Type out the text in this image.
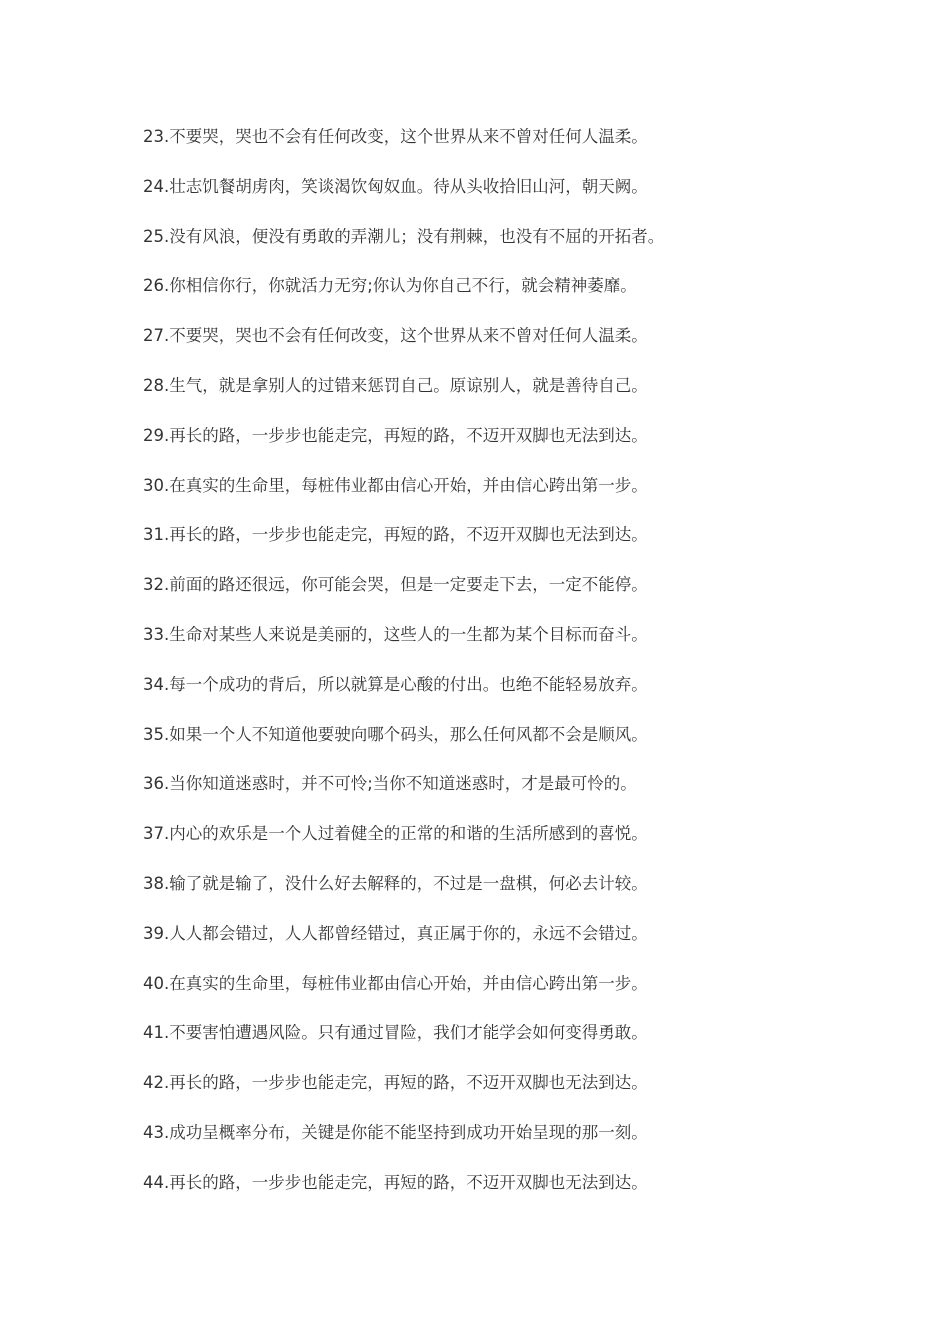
23.不要哭，哭也不会有任何改变，这个世界从来不曾对任何人温柔。
24.壮志饥餐胡虏肉，笑谈渴饮匈奴血。待从头收拾旧山河，朝天阙。
25.没有风浪，便没有勇敢的弄潮儿；没有荆棘，也没有不屈的开拓者。
26.你相信你行，你就活力无穷;你认为你自己不行，就会精神萎靡。
27.不要哭，哭也不会有任何改变，这个世界从来不曾对任何人温柔。
28.生气，就是拿别人的过错来惩罚自己。原谅别人，就是善待自己。
29.再长的路，一步步也能走完，再短的路，不迈开双脚也无法到达。
30.在真实的生命里，每桩伟业都由信心开始，并由信心跨出第一步。
31.再长的路，一步步也能走完，再短的路，不迈开双脚也无法到达。
32.前面的路还很远，你可能会哭，但是一定要走下去，一定不能停。
33.生命对某些人来说是美丽的，这些人的一生都为某个目标而奋斗。
34.每一个成功的背后，所以就算是心酸的付出。也绝不能轻易放弃。
35.如果一个人不知道他要驶向哪个码头，那么任何风都不会是顺风。
36.当你知道迷惑时，并不可怜;当你不知道迷惑时，才是最可怜的。
37.内心的欢乐是一个人过着健全的正常的和谐的生活所感到的喜悦。
38.输了就是输了，没什么好去解释的，不过是一盘棋，何必去计较。
39.人人都会错过，人人都曾经错过，真正属于你的，永远不会错过。
40.在真实的生命里，每桩伟业都由信心开始，并由信心跨出第一步。
41.不要害怕遭遇风险。只有通过冒险，我们才能学会如何变得勇敢。
42.再长的路，一步步也能走完，再短的路，不迈开双脚也无法到达。
43.成功呈概率分布，关键是你能不能坚持到成功开始呈现的那一刻。
44.再长的路，一步步也能走完，再短的路，不迈开双脚也无法到达。
